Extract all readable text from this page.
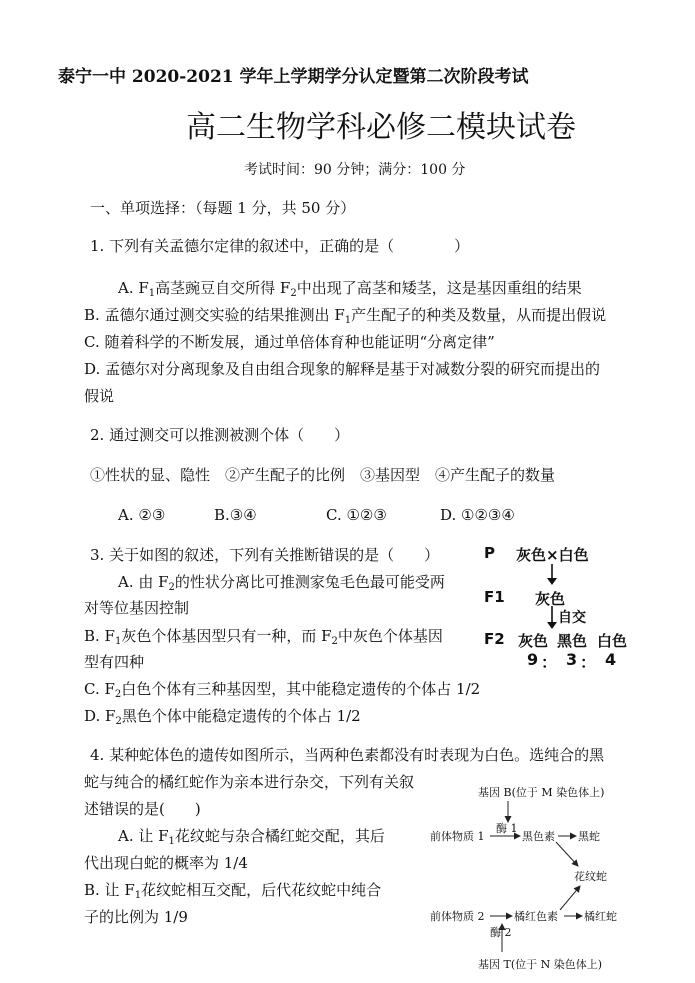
泰宁一中 2020-2021 学年上学期学分认定暨第二次阶段考试
高二生物学科必修二模块试卷
考试时间：90 分钟；满分：100 分
一、单项选择：（每题 1 分，共 50 分）
1. 下列有关孟德尔定律的叙述中，正确的是（　　　　）
A. $F_1$高茎豌豆自交所得 $F_2$中出现了高茎和矮茎，这是基因重组的结果
B. 孟德尔通过测交实验的结果推测出 $F_1$产生配子的种类及数量，从而提出假说
C. 随着科学的不断发展，通过单倍体育种也能证明“分离定律”
D. 孟德尔对分离现象及自由组合现象的解释是基于对减数分裂的研究而提出的
假说
2. 通过测交可以推测被测个体（　　）
①性状的显、隐性　②产生配子的比例　③基因型　④产生配子的数量
A. ②③	B.③④	C. ①②③	D. ①②③④
3. 关于如图的叙述，下列有关推断错误的是（　　）
A. 由 $F_2$的性状分离比可推测家兔毛色最可能受两
对等位基因控制
B. $F_1$灰色个体基因型只有一种，而 $F_2$中灰色个体基因
型有四种
C. $F_2$白色个体有三种基因型，其中能稳定遗传的个体占 1/2
D. $F_2$黑色个体中能稳定遗传的个体占 1/2
P 灰色×白色
F1 灰色
自交
F2 灰色 黑色 白色
9 ： 3 ： 4
4. 某种蛇体色的遗传如图所示，当两种色素都没有时表现为白色。选纯合的黑
蛇与纯合的橘红蛇作为亲本进行杂交，下列有关叙
述错误的是(　　)
A. 让 $F_1$花纹蛇与杂合橘红蛇交配，其后
代出现白蛇的概率为 1/4
B. 让 $F_1$花纹蛇相互交配，后代花纹蛇中纯合
子的比例为 1/9
基因 B(位于 M 染色体上)
前体物质 1
酶 1
黑色素 黑蛇
花纹蛇
前体物质 2	橘红色素 橘红蛇
酶 2
基因 T(位于 N 染色体上)
